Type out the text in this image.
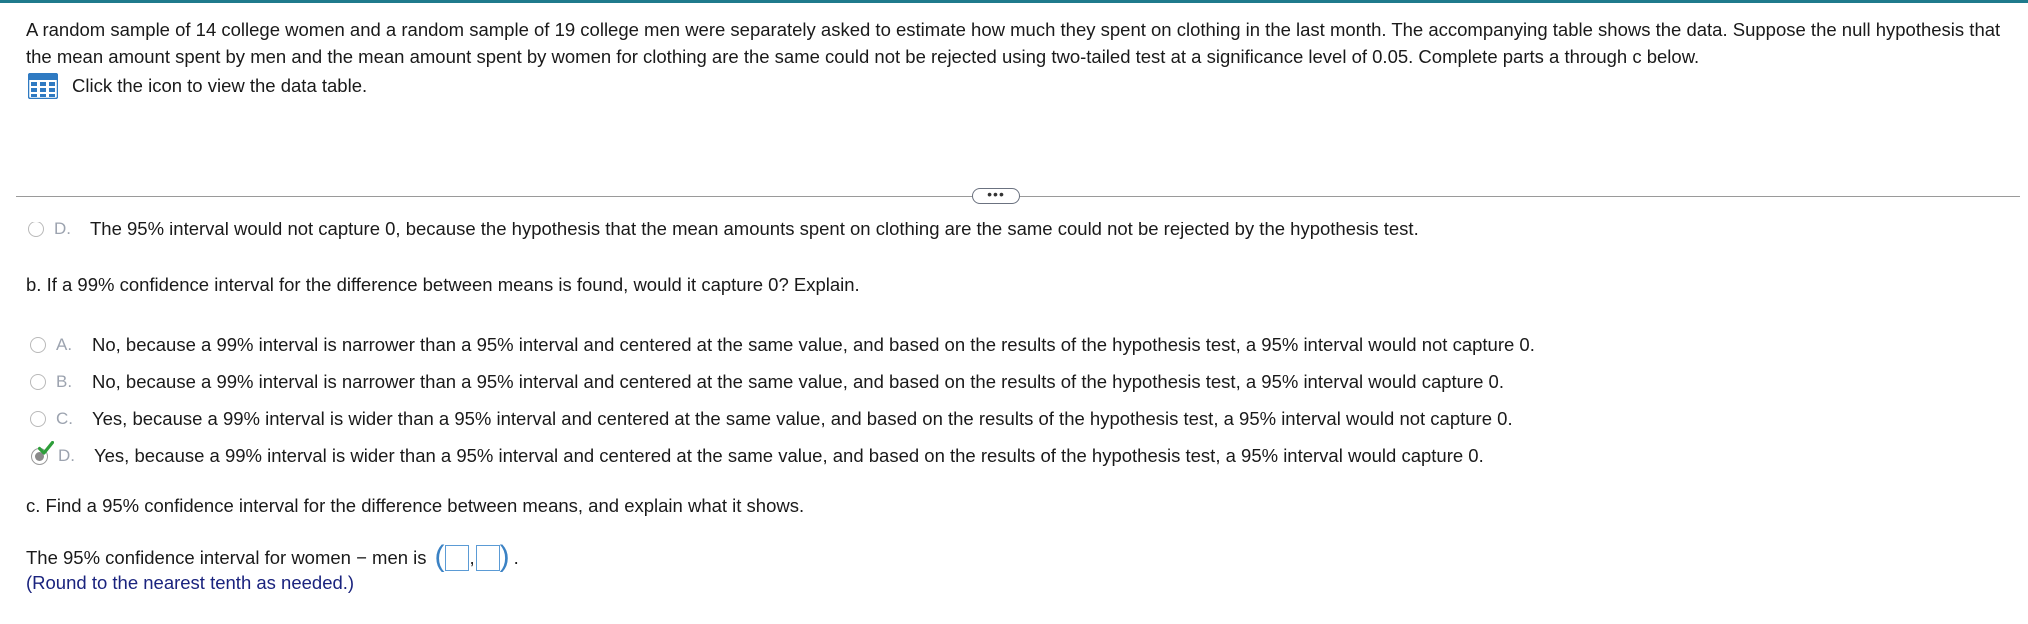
A random sample of 14 college women and a random sample of 19 college men were separately asked to estimate how much they spent on clothing in the last month. The accompanying table shows the data. Suppose the null hypothesis that the mean amount spent by men and the mean amount spent by women for clothing are the same could not be rejected using two-tailed test at a significance level of 0.05. Complete parts a through c below.

Click the icon to view the data table.
•••
D.	The 95% interval would not capture 0, because the hypothesis that the mean amounts spent on clothing are the same could not be rejected by the hypothesis test.
b. If a 99% confidence interval for the difference between means is found, would it capture 0? Explain.
A.	No, because a 99% interval is narrower than a 95% interval and centered at the same value, and based on the results of the hypothesis test, a 95% interval would not capture 0.
B.	No, because a 99% interval is narrower than a 95% interval and centered at the same value, and based on the results of the hypothesis test, a 95% interval would capture 0.
C.	Yes, because a 99% interval is wider than a 95% interval and centered at the same value, and based on the results of the hypothesis test, a 95% interval would not capture 0.
D.	Yes, because a 99% interval is wider than a 95% interval and centered at the same value, and based on the results of the hypothesis test, a 95% interval would capture 0.
c. Find a 95% confidence interval for the difference between means, and explain what it shows.
The 95% confidence interval for women − men is ( , ) .
(Round to the nearest tenth as needed.)
